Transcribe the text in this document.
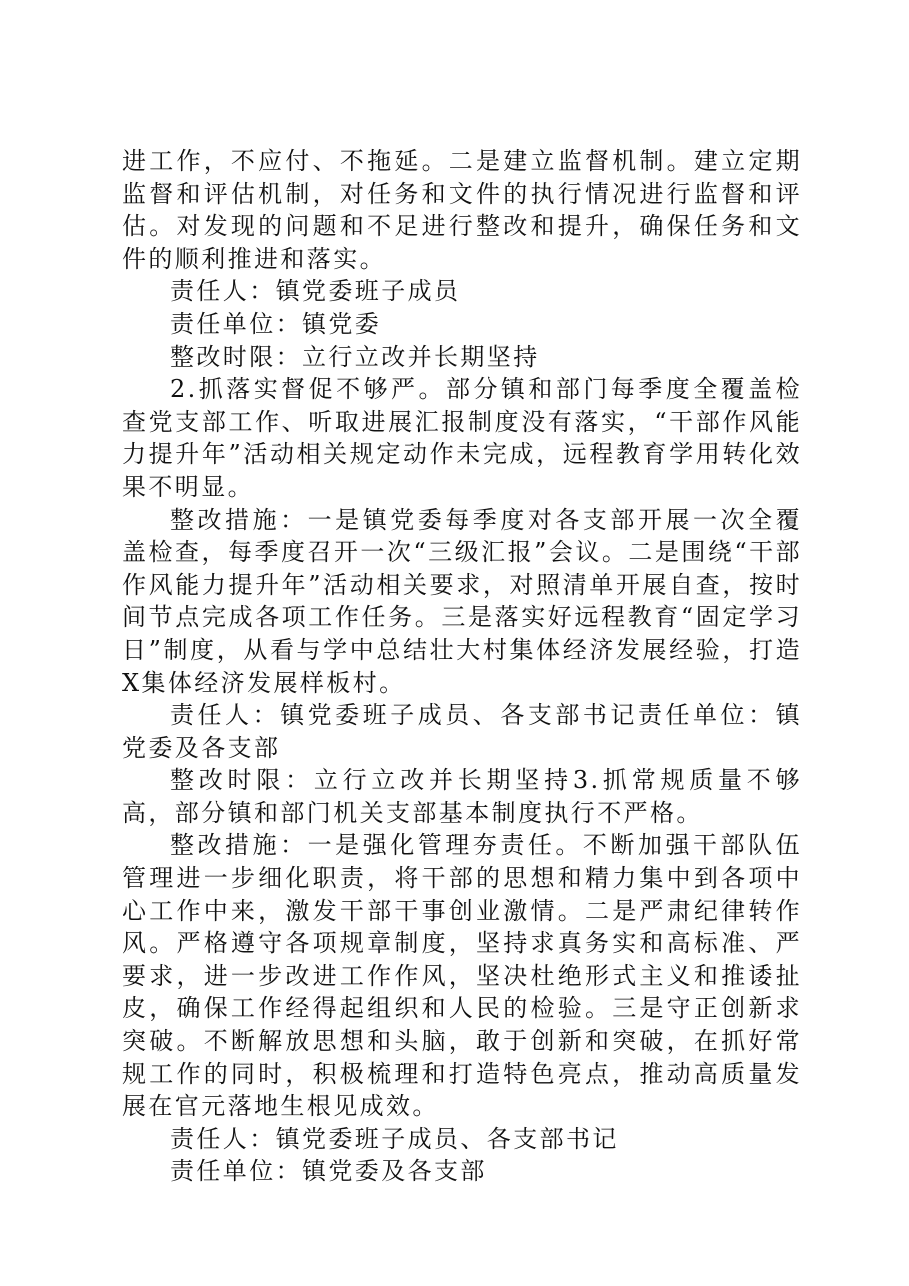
进工作，不应付、不拖延。二是建立监督机制。建立定期监督和评估机制，对任务和文件的执行情况进行监督和评估。对发现的问题和不足进行整改和提升，确保任务和文件的顺利推进和落实。

责任人：镇党委班子成员

责任单位：镇党委

整改时限：立行立改并长期坚持

2.抓落实督促不够严。部分镇和部门每季度全覆盖检查党支部工作、听取进展汇报制度没有落实，“干部作风能力提升年”活动相关规定动作未完成，远程教育学用转化效果不明显。

整改措施：一是镇党委每季度对各支部开展一次全覆盖检查，每季度召开一次“三级汇报”会议。二是围绕“干部作风能力提升年”活动相关要求，对照清单开展自查，按时间节点完成各项工作任务。三是落实好远程教育“固定学习日”制度，从看与学中总结壮大村集体经济发展经验，打造X集体经济发展样板村。

责任人：镇党委班子成员、各支部书记责任单位：镇党委及各支部

整改时限：立行立改并长期坚持3.抓常规质量不够高，部分镇和部门机关支部基本制度执行不严格。

整改措施：一是强化管理夯责任。不断加强干部队伍管理进一步细化职责，将干部的思想和精力集中到各项中心工作中来，激发干部干事创业激情。二是严肃纪律转作风。严格遵守各项规章制度，坚持求真务实和高标准、严要求，进一步改进工作作风，坚决杜绝形式主义和推诿扯皮，确保工作经得起组织和人民的检验。三是守正创新求突破。不断解放思想和头脑，敢于创新和突破，在抓好常规工作的同时，积极梳理和打造特色亮点，推动高质量发展在官元落地生根见成效。

责任人：镇党委班子成员、各支部书记

责任单位：镇党委及各支部
